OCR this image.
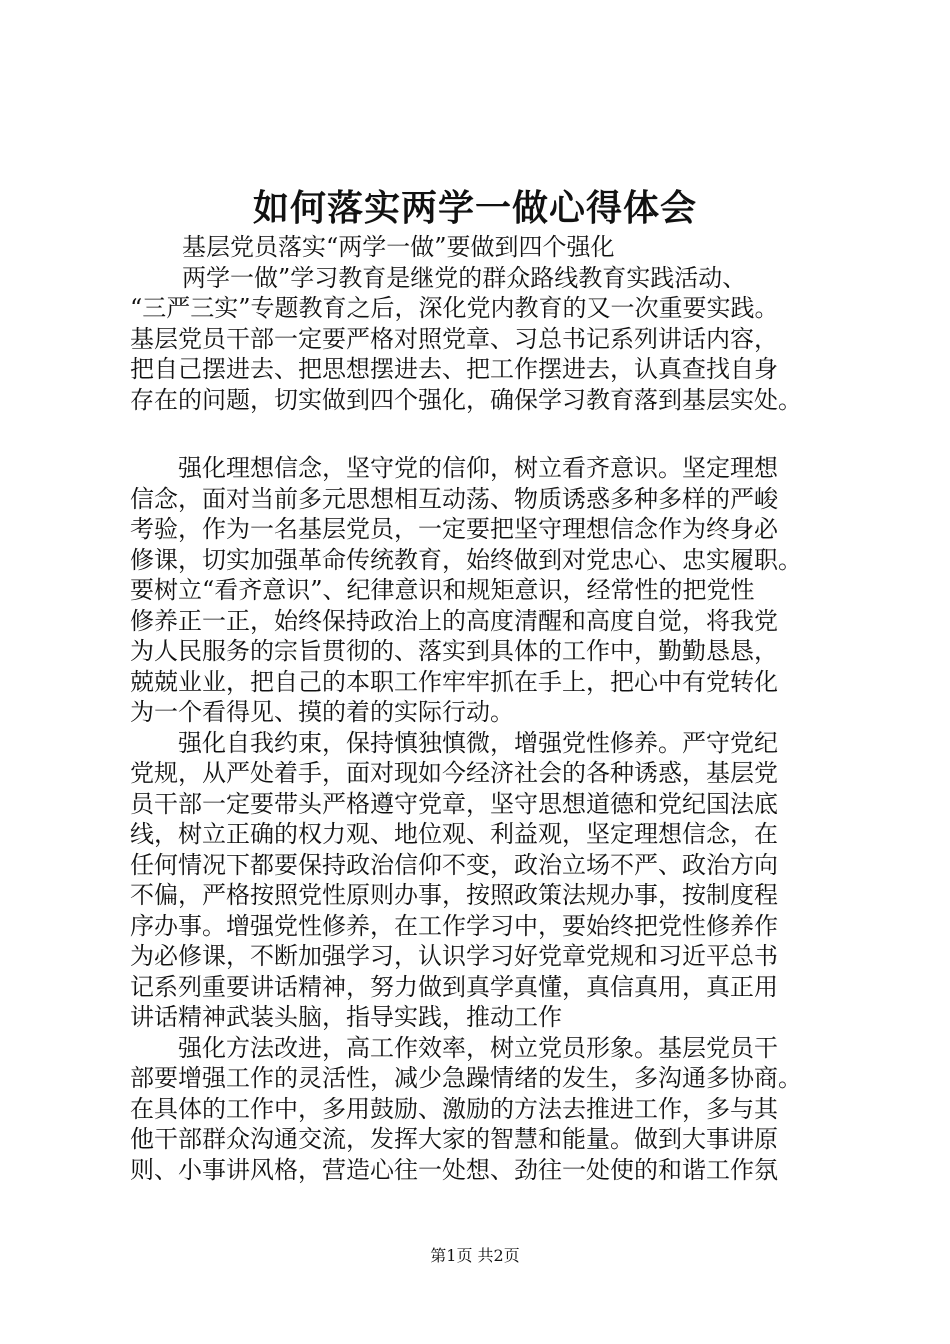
如何落实两学一做心得体会
基层党员落实“两学一做”要做到四个强化
两学一做”学习教育是继党的群众路线教育实践活动、
“三严三实”专题教育之后，深化党内教育的又一次重要实践。
基层党员干部一定要严格对照党章、习总书记系列讲话内容，
把自己摆进去、把思想摆进去、把工作摆进去，认真查找自身
存在的问题，切实做到四个强化，确保学习教育落到基层实处。
强化理想信念，坚守党的信仰，树立看齐意识。坚定理想
信念，面对当前多元思想相互动荡、物质诱惑多种多样的严峻
考验，作为一名基层党员，一定要把坚守理想信念作为终身必
修课，切实加强革命传统教育，始终做到对党忠心、忠实履职。
要树立“看齐意识”、纪律意识和规矩意识，经常性的把党性
修养正一正，始终保持政治上的高度清醒和高度自觉，将我党
为人民服务的宗旨贯彻的、落实到具体的工作中，勤勤恳恳，
兢兢业业，把自己的本职工作牢牢抓在手上，把心中有党转化
为一个看得见、摸的着的实际行动。
强化自我约束，保持慎独慎微，增强党性修养。严守党纪
党规，从严处着手，面对现如今经济社会的各种诱惑，基层党
员干部一定要带头严格遵守党章，坚守思想道德和党纪国法底
线，树立正确的权力观、地位观、利益观，坚定理想信念，在
任何情况下都要保持政治信仰不变，政治立场不严、政治方向
不偏，严格按照党性原则办事，按照政策法规办事，按制度程
序办事。增强党性修养，在工作学习中，要始终把党性修养作
为必修课，不断加强学习，认识学习好党章党规和习近平总书
记系列重要讲话精神，努力做到真学真懂，真信真用，真正用
讲话精神武装头脑，指导实践，推动工作
强化方法改进，高工作效率，树立党员形象。基层党员干
部要增强工作的灵活性，减少急躁情绪的发生，多沟通多协商。
在具体的工作中，多用鼓励、激励的方法去推进工作，多与其
他干部群众沟通交流，发挥大家的智慧和能量。做到大事讲原
则、小事讲风格，营造心往一处想、劲往一处使的和谐工作氛
第1页 共2页
